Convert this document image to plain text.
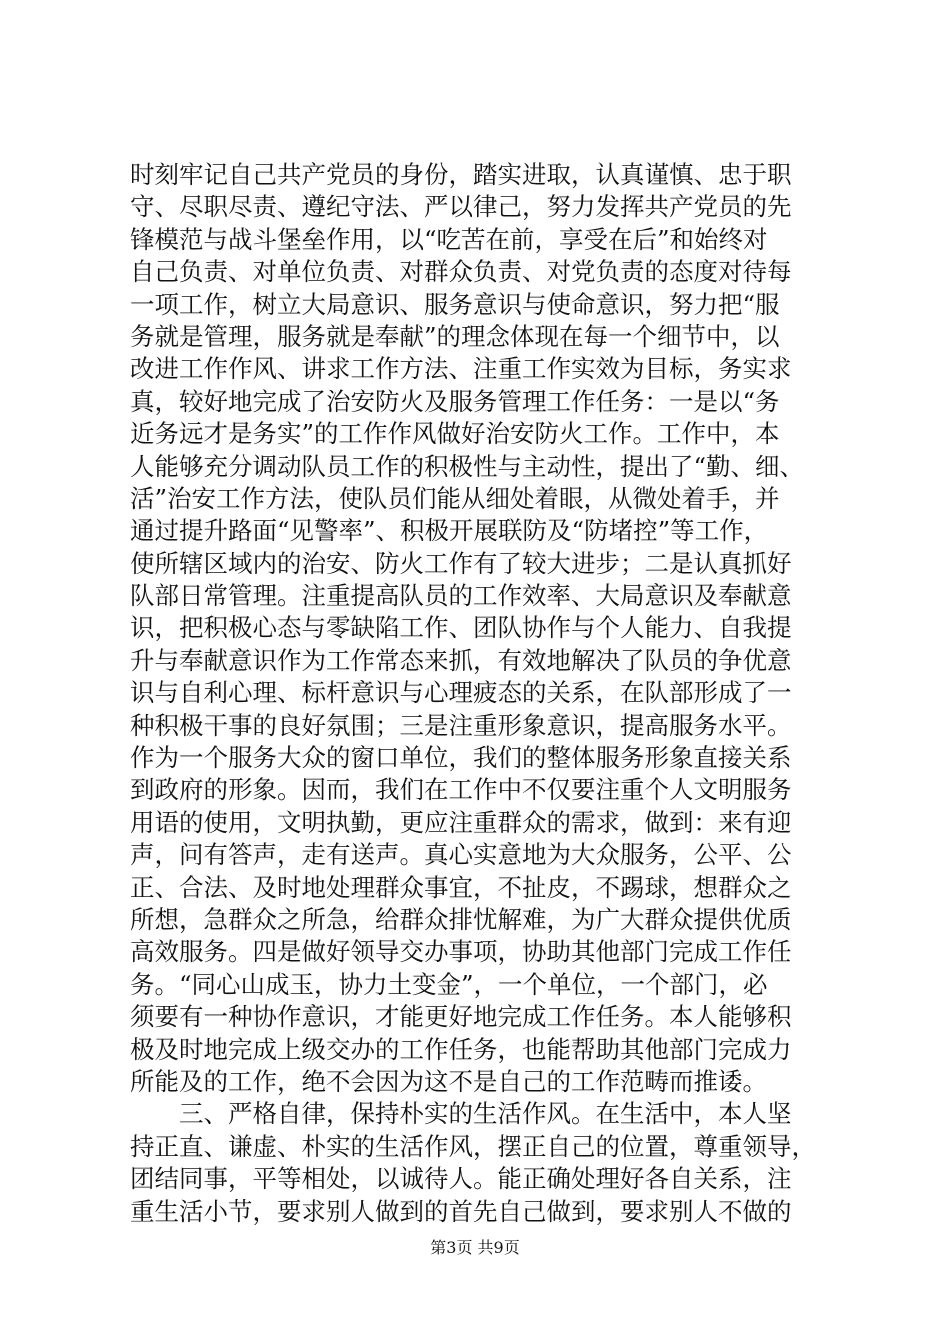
时刻牢记自己共产党员的身份，踏实进取，认真谨慎、忠于职
守、尽职尽责、遵纪守法、严以律己，努力发挥共产党员的先
锋模范与战斗堡垒作用，以“吃苦在前，享受在后”和始终对
自己负责、对单位负责、对群众负责、对党负责的态度对待每
一项工作，树立大局意识、服务意识与使命意识，努力把“服
务就是管理，服务就是奉献”的理念体现在每一个细节中，以
改进工作作风、讲求工作方法、注重工作实效为目标，务实求
真，较好地完成了治安防火及服务管理工作任务：一是以“务
近务远才是务实”的工作作风做好治安防火工作。工作中，本
人能够充分调动队员工作的积极性与主动性，提出了“勤、细、
活”治安工作方法，使队员们能从细处着眼，从微处着手，并
通过提升路面“见警率”、积极开展联防及“防堵控”等工作，
使所辖区域内的治安、防火工作有了较大进步；二是认真抓好
队部日常管理。注重提高队员的工作效率、大局意识及奉献意
识，把积极心态与零缺陷工作、团队协作与个人能力、自我提
升与奉献意识作为工作常态来抓，有效地解决了队员的争优意
识与自利心理、标杆意识与心理疲态的关系，在队部形成了一
种积极干事的良好氛围；三是注重形象意识，提高服务水平。
作为一个服务大众的窗口单位，我们的整体服务形象直接关系
到政府的形象。因而，我们在工作中不仅要注重个人文明服务
用语的使用，文明执勤，更应注重群众的需求，做到：来有迎
声，问有答声，走有送声。真心实意地为大众服务，公平、公
正、合法、及时地处理群众事宜，不扯皮，不踢球，想群众之
所想，急群众之所急，给群众排忧解难，为广大群众提供优质
高效服务。四是做好领导交办事项，协助其他部门完成工作任
务。“同心山成玉，协力土变金”，一个单位，一个部门，必
须要有一种协作意识，才能更好地完成工作任务。本人能够积
极及时地完成上级交办的工作任务，也能帮助其他部门完成力
所能及的工作，绝不会因为这不是自己的工作范畴而推诿。
　　三、严格自律，保持朴实的生活作风。在生活中，本人坚
持正直、谦虚、朴实的生活作风，摆正自己的位置，尊重领导，
团结同事，平等相处，以诚待人。能正确处理好各自关系，注
重生活小节，要求别人做到的首先自己做到，要求别人不做的
第3页 共9页
